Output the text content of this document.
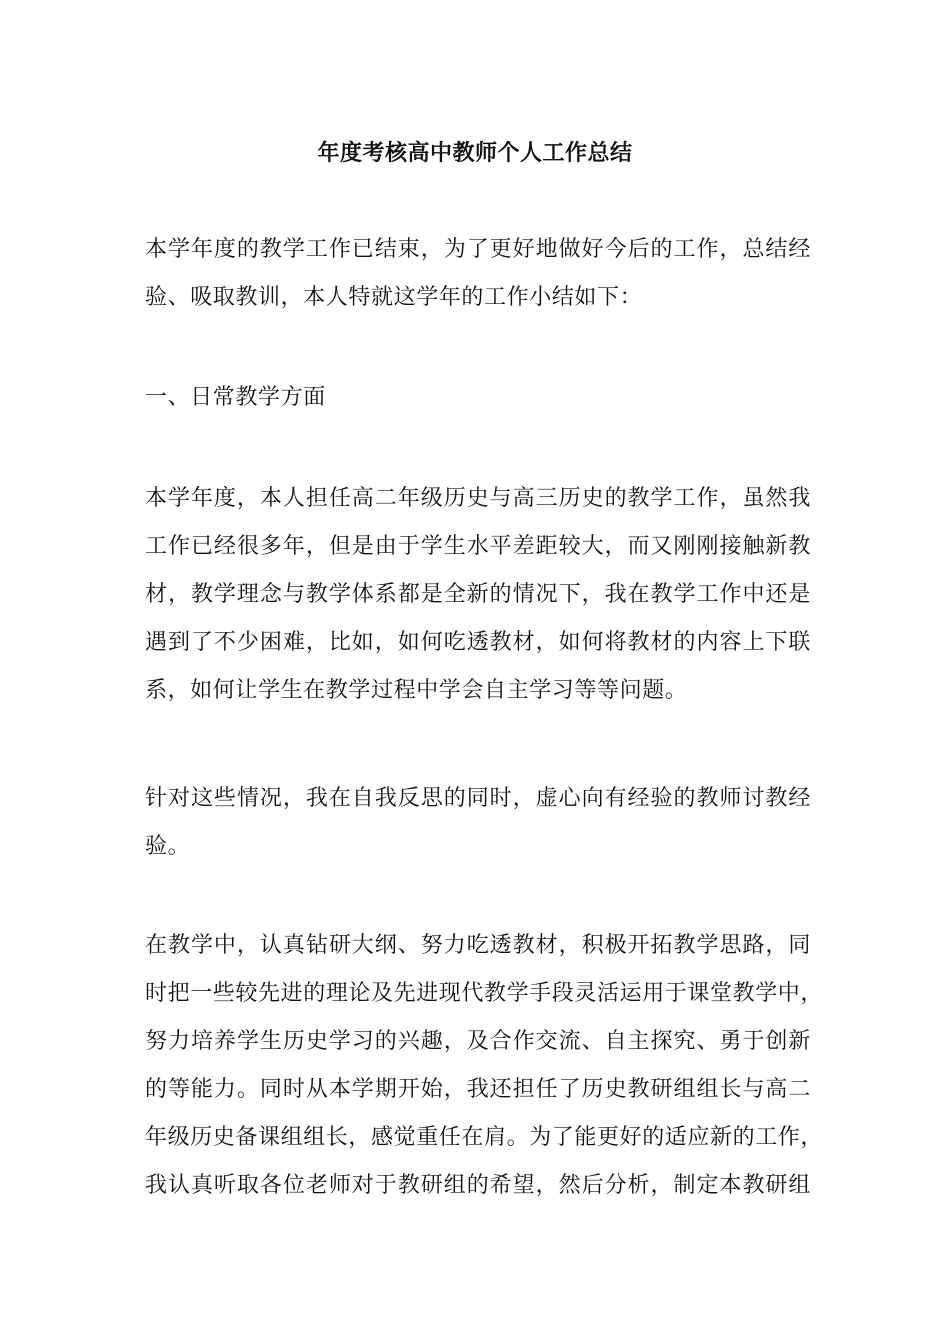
年度考核高中教师个人工作总结
本学年度的教学工作已结束，为了更好地做好今后的工作，总结经
验、吸取教训，本人特就这学年的工作小结如下：
一、日常教学方面
本学年度，本人担任高二年级历史与高三历史的教学工作，虽然我
工作已经很多年，但是由于学生水平差距较大，而又刚刚接触新教
材，教学理念与教学体系都是全新的情况下，我在教学工作中还是
遇到了不少困难，比如，如何吃透教材，如何将教材的内容上下联
系，如何让学生在教学过程中学会自主学习等等问题。
针对这些情况，我在自我反思的同时，虚心向有经验的教师讨教经
验。
在教学中，认真钻研大纲、努力吃透教材，积极开拓教学思路，同
时把一些较先进的理论及先进现代教学手段灵活运用于课堂教学中，
努力培养学生历史学习的兴趣，及合作交流、自主探究、勇于创新
的等能力。同时从本学期开始，我还担任了历史教研组组长与高二
年级历史备课组组长，感觉重任在肩。为了能更好的适应新的工作，
我认真听取各位老师对于教研组的希望，然后分析，制定本教研组
